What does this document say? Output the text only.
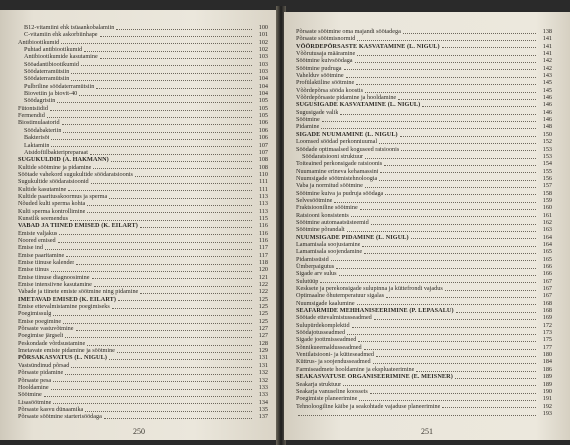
B12-vitamiini ehk tsüaankobalamiin	100
C-vitamiin ehk askorbiinhape	101
Antibiootikumid	102
Puhtad antibiootikumid	102
Antibiootikumide kasutamine	103
Sööadantibiootikumid	103
Söödaterramütsiin	103
Söödaterramütsiin	104
Pulbriline söödaterramütsiin	104
Biovetiin ja biovit-40	104
Söödagrisiin	105
Fütontsiidid	105
Fermendid	105
Biostimulaatorid	106
Söödabakteriin	106
Bakterisöt	106
Laktamiin	107
Atsidofiilbakteripreparaat	107
SUGUKULDID (A. HAKMANN)	108
Kultide söötmine ja pidamine	108
Söötade vahekord sugukultide söödaratsioonis	110
Sugukultide söödaratsioonid	111
Kultide kasutamine	111
Kultide paaritusskoormus ja sperma	113
Nõuded kulti sperma kohta	113
Kulti sperma kontrollimine	113
Kunstlik seemendus	115
VABAD JA TIINED EMISED (K. EILART)	116
Emiste valjakus	116
Noored emised	116
Emise ind	117
Emise paaritamine	117
Emise tiinuse kalender	118
Emise tiinus	120
Emise tiinuse diagnoosimine	121
Emise intensiivne kasutamine	122
Vabade ja tiinete emiste söötmine ning pidamine	122
IMETAVAD EMISED (K. EILART)	125
Emise ettevalmistamine poegimiseks	125
Poegimissulg	125
Emise poegimine	125
Põrsaste vastuvõtmine	127
Poegimise järgselt	127
Peskondade võrdsustamine	128
Imetavate emiste pidamine ja söötmine	129
PÕRSAKASVATUS (L. NIGUL)	131
Vastsündinud põrsad	131
Põrsaste pidamine	132
Põrsaste pesa	132
Hooldamine	133
Söötmine	133
Lisasöötmine	134
Põrsaste kasvu dünaamika	135
Põrsaste söötmine starterisöödaga	137
250
Põrsaste söötmine oma majandi söötadega	138
Põrsaste söötmisnormid	141
VÕÕRDEPÕRSASTE KASVATAMINE (L. NIGUL)	141
Võõrutusaja määramine	141
Söötmine kuivsöödaga	142
Söötmine pudruga	142
Vahelduv söötmine	143
Profülaktiline söötmine	145
Võõrdepõrsa sööda koostis	145
Võõrdepõrsaste pidamine ja hooldamine	146
SUGUSIGADE KASVATAMINE (L. NIGUL)	146
Sugusigade valik	146
Söötmine	146
Pidamine	148
SIGADE NUUMAMINE (L. NIGUL)	150
Loomsed söödad perkonniuumal	152
Söödade optimaalsed koguseed ratsioonis	153
Söödaratsiooni struktuur	153
Toiteained perkonsigade ratsioonis	154
Nuumamine erineva kehamassini	155
Nuumsigade söötmistehnoloogia	156
Vaba ja normitud söötmine	157
Söötmine kuiva ja pudruja söödaga	158
Selvesöötmine	159
Fraktsiooniline söötmine	160
Ratsiooni konsistents	161
Söötmine automaatsüsteemid	162
Söötmine põrandalt	163
NUUMSIGADE PIDAMINE (L. NIGUL)	164
Lamamisala soojustamine	164
Lamamisala soojendamine	165
Pidamissüsid	165
Ümberpaigutus	166
Sigade arv sulus	166
Sulutüüp	167
Kesksete ja perekonsigade sulupinna ja küttefrondi vajadus	167
Optimaalne õhutemperatuur sigalas	167
Nuumsigade kaalumine	168
SEAFARMIDE MEHHANISEERIMINE (P. LEPASALU)	168
Söötade ettevalmistusseadmed	169
Sulupürdekomplektid	172
Söödajotusseadmed	173
Sigade joottmisseadmed	175
Sõnnikueemaldusseadmed	177
Ventilatsiooni- ja kütteseadmed	180
Küttrus- ja soojendusseadmed	184
Farmiseadmete hooldamine ja ekspluateerimine	186
SEAKASVATUSE ORGANISEERIMINE (E. MEISNER)	189
Seakarja struktuur	189
Seakarja vanuseline koosseis	190
Poegimiste planeerimine	191
Tehnoloogiline käibe ja seakohtade vajaduse planeerimine	192
193
251
